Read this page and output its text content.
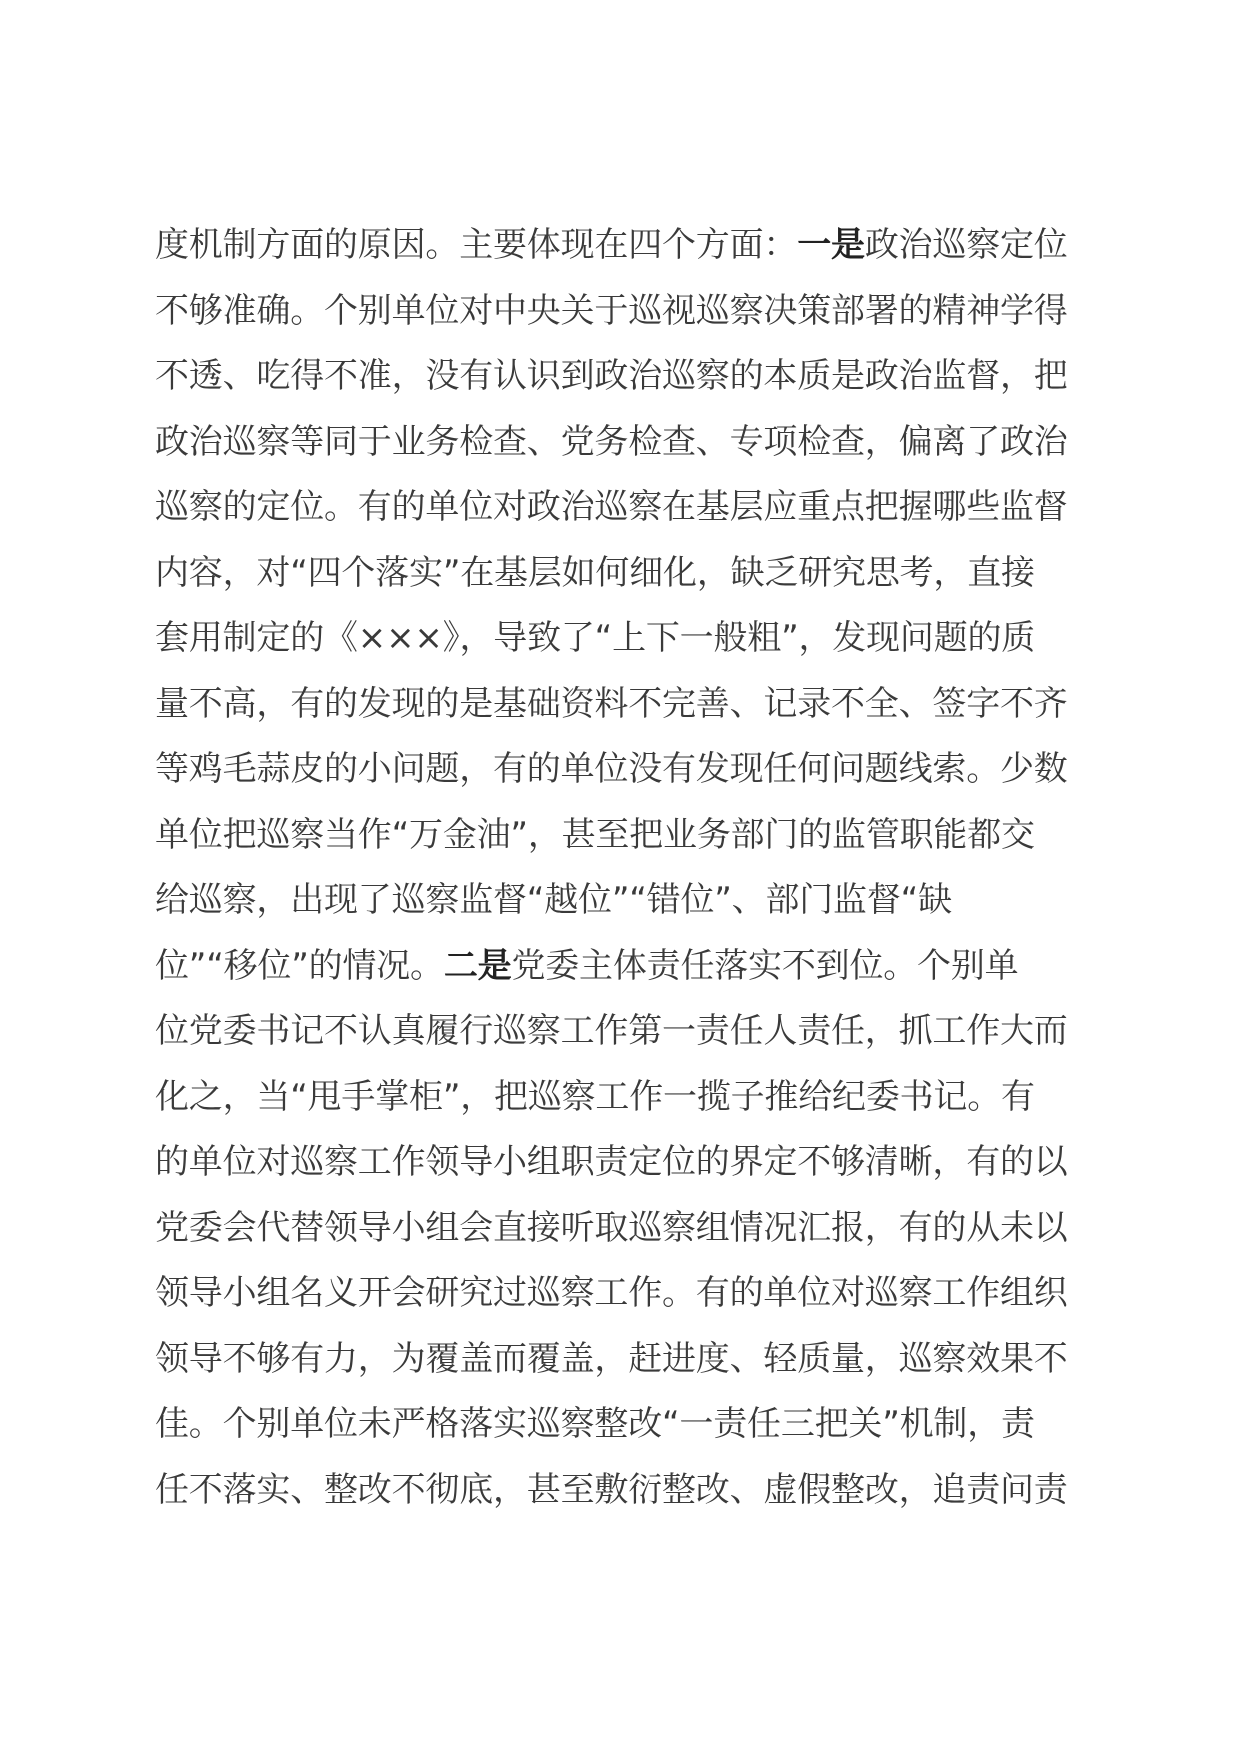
度机制方面的原因。主要体现在四个方面：一是政治巡察定位
不够准确。个别单位对中央关于巡视巡察决策部署的精神学得
不透、吃得不准，没有认识到政治巡察的本质是政治监督，把
政治巡察等同于业务检查、党务检查、专项检查，偏离了政治
巡察的定位。有的单位对政治巡察在基层应重点把握哪些监督
内容，对“四个落实”在基层如何细化，缺乏研究思考，直接
套用制定的《×××》，导致了“上下一般粗”，发现问题的质
量不高，有的发现的是基础资料不完善、记录不全、签字不齐
等鸡毛蒜皮的小问题，有的单位没有发现任何问题线索。少数
单位把巡察当作“万金油”，甚至把业务部门的监管职能都交
给巡察，出现了巡察监督“越位”“错位”、部门监督“缺
位”“移位”的情况。二是党委主体责任落实不到位。个别单
位党委书记不认真履行巡察工作第一责任人责任，抓工作大而
化之，当“甩手掌柜”，把巡察工作一揽子推给纪委书记。有
的单位对巡察工作领导小组职责定位的界定不够清晰，有的以
党委会代替领导小组会直接听取巡察组情况汇报，有的从未以
领导小组名义开会研究过巡察工作。有的单位对巡察工作组织
领导不够有力，为覆盖而覆盖，赶进度、轻质量，巡察效果不
佳。个别单位未严格落实巡察整改“一责任三把关”机制，责
任不落实、整改不彻底，甚至敷衍整改、虚假整改，追责问责
